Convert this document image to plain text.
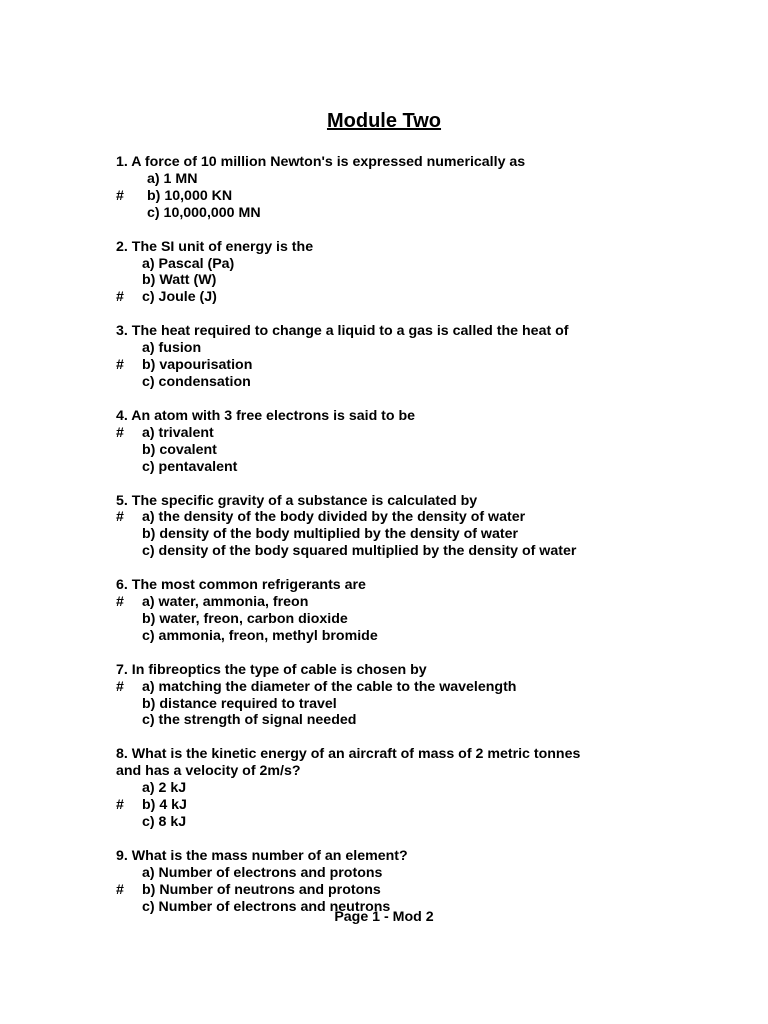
Module Two
1. A force of 10 million Newton's is expressed numerically as
a) 1 MN
# b) 10,000 KN
c) 10,000,000 MN
2. The SI unit of energy is the
a) Pascal (Pa)
b) Watt (W)
# c) Joule (J)
3. The heat required to change a liquid to a gas is called the heat of
a) fusion
# b) vapourisation
c) condensation
4. An atom with 3 free electrons is said to be
# a) trivalent
b) covalent
c) pentavalent
5. The specific gravity of a substance is calculated by
# a) the density of the body divided by the density of water
b) density of the body multiplied by the density of water
c) density of the body squared multiplied by the density of water
6. The most common refrigerants are
# a) water, ammonia, freon
b) water, freon, carbon dioxide
c) ammonia, freon, methyl bromide
7. In fibreoptics the type of cable is chosen by
# a) matching the diameter of the cable to the wavelength
b) distance required to travel
c) the strength of signal needed
8. What is the kinetic energy of an aircraft of mass of 2 metric tonnes
and has a velocity of 2m/s?
a) 2 kJ
# b) 4 kJ
c) 8 kJ
9. What is the mass number of an element?
a) Number of electrons and protons
# b) Number of neutrons and protons
c) Number of electrons and neutrons
Page 1 - Mod 2
